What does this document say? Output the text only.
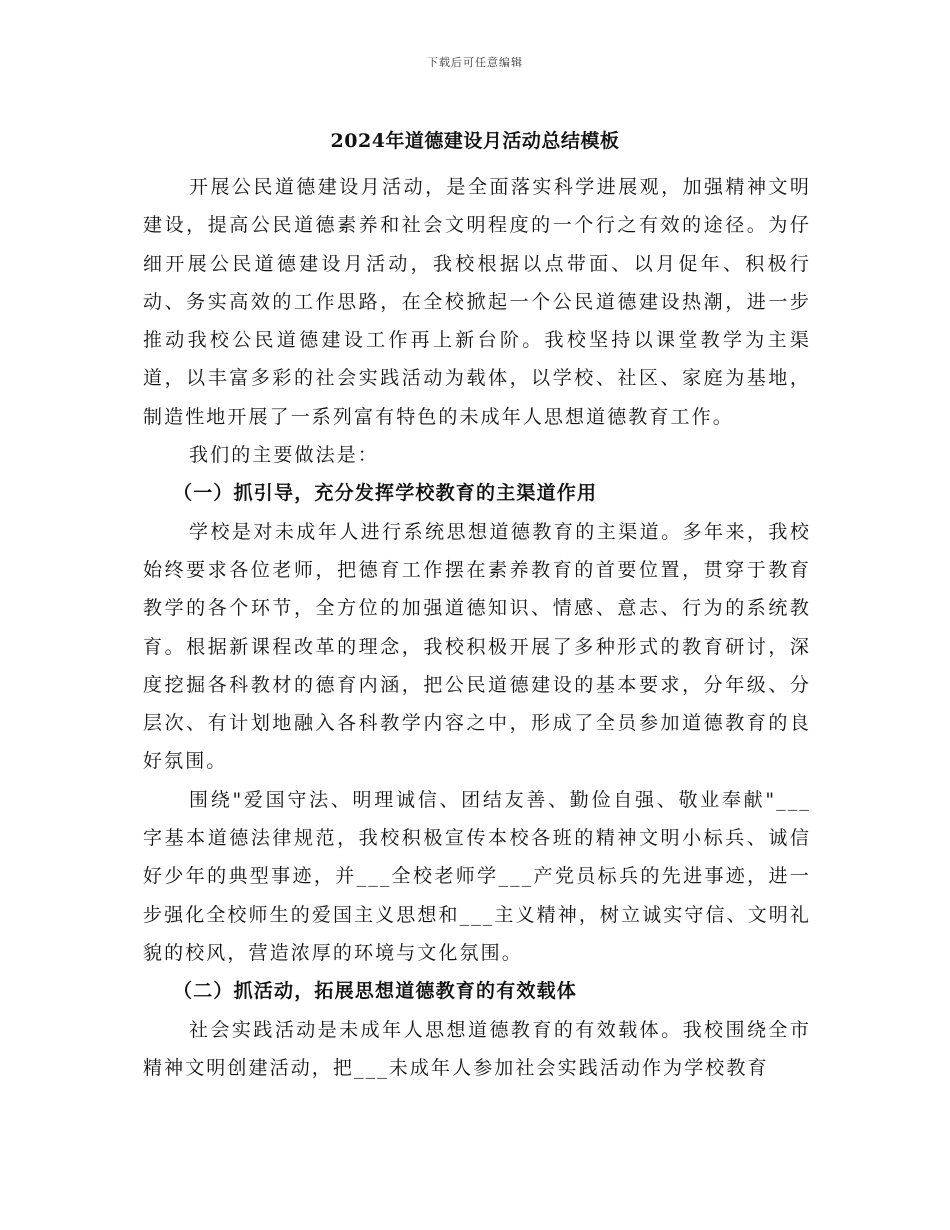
下载后可任意编辑
2024年道德建设月活动总结模板

开展公民道德建设月活动，是全面落实科学进展观，加强精神文明建设，提高公民道德素养和社会文明程度的一个行之有效的途径。为仔细开展公民道德建设月活动，我校根据以点带面、以月促年、积极行动、务实高效的工作思路，在全校掀起一个公民道德建设热潮，进一步推动我校公民道德建设工作再上新台阶。我校坚持以课堂教学为主渠道，以丰富多彩的社会实践活动为载体，以学校、社区、家庭为基地，制造性地开展了一系列富有特色的未成年人思想道德教育工作。

我们的主要做法是：

（一）抓引导，充分发挥学校教育的主渠道作用

学校是对未成年人进行系统思想道德教育的主渠道。多年来，我校始终要求各位老师，把德育工作摆在素养教育的首要位置，贯穿于教育教学的各个环节，全方位的加强道德知识、情感、意志、行为的系统教育。根据新课程改革的理念，我校积极开展了多种形式的教育研讨，深度挖掘各科教材的德育内涵，把公民道德建设的基本要求，分年级、分层次、有计划地融入各科教学内容之中，形成了全员参加道德教育的良好氛围。

围绕"爱国守法、明理诚信、团结友善、勤俭自强、敬业奉献"___字基本道德法律规范，我校积极宣传本校各班的精神文明小标兵、诚信好少年的典型事迹，并___全校老师学___产党员标兵的先进事迹，进一步强化全校师生的爱国主义思想和___主义精神，树立诚实守信、文明礼貌的校风，营造浓厚的环境与文化氛围。

（二）抓活动，拓展思想道德教育的有效载体

社会实践活动是未成年人思想道德教育的有效载体。我校围绕全市精神文明创建活动，把___未成年人参加社会实践活动作为学校教育
